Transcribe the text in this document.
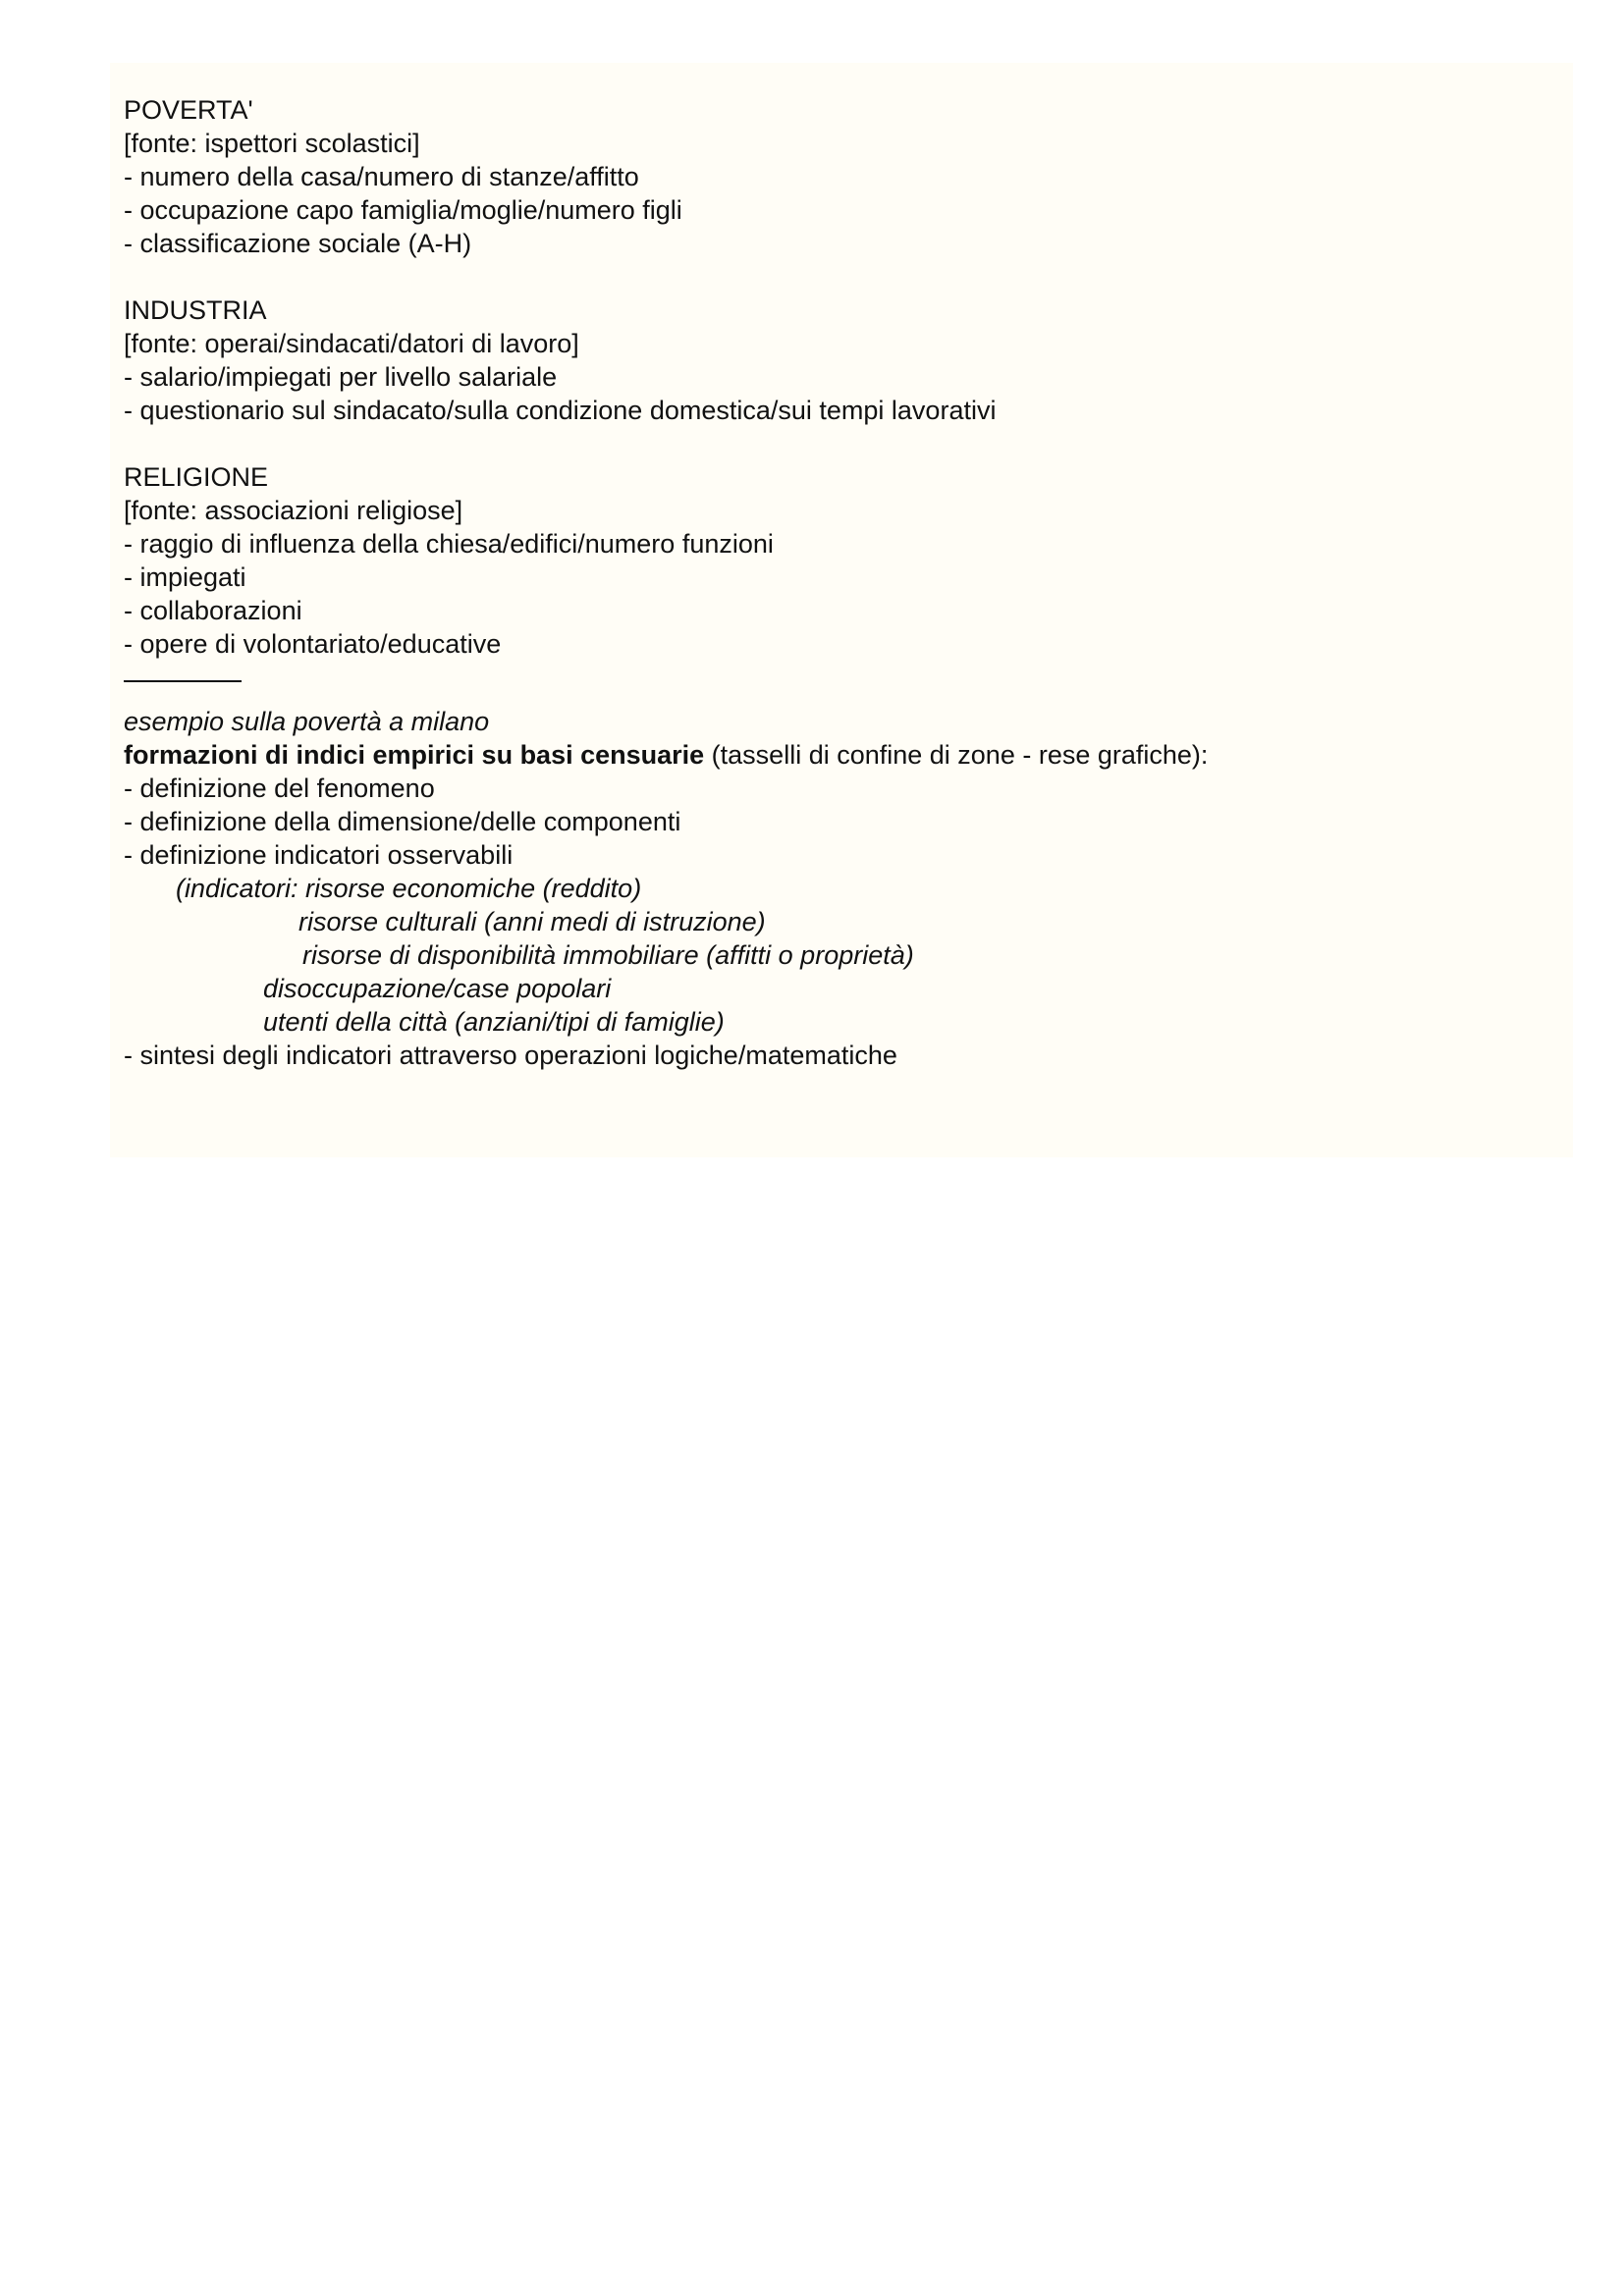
POVERTA'
[fonte: ispettori scolastici]
- numero della casa/numero di stanze/affitto
- occupazione capo famiglia/moglie/numero figli
- classificazione sociale (A-H)
INDUSTRIA
[fonte: operai/sindacati/datori di lavoro]
- salario/impiegati per livello salariale
- questionario sul sindacato/sulla condizione domestica/sui tempi lavorativi
RELIGIONE
[fonte: associazioni religiose]
- raggio di influenza della chiesa/edifici/numero funzioni
- impiegati
- collaborazioni
- opere di volontariato/educative
esempio sulla povertà a milano
formazioni di indici empirici su basi censuarie (tasselli di confine di zone - rese grafiche):
- definizione del fenomeno
- definizione della dimensione/delle componenti
- definizione indicatori osservabili
(indicatori: risorse economiche (reddito)
risorse culturali (anni medi di istruzione)
risorse di disponibilità immobiliare (affitti o proprietà)
disoccupazione/case popolari
utenti della città (anziani/tipi di famiglie)
- sintesi degli indicatori attraverso operazioni logiche/matematiche
